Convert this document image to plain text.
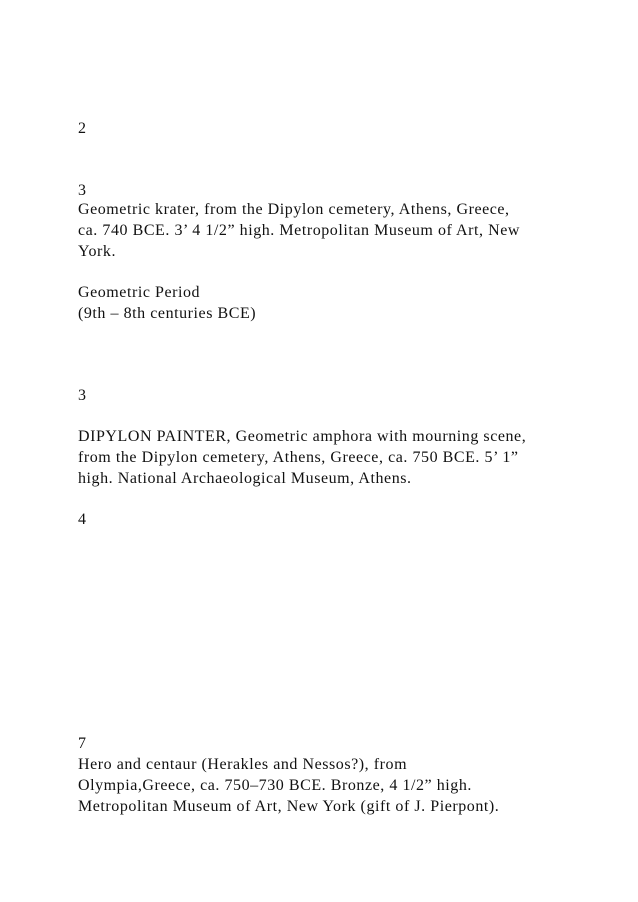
2

3

Geometric krater, from the Dipylon cemetery, Athens, Greece,

ca. 740 BCE. 3’ 4 1/2” high. Metropolitan Museum of Art, New

York.

Geometric Period

(9th – 8th centuries BCE)

3

DIPYLON PAINTER, Geometric amphora with mourning scene,

from the Dipylon cemetery, Athens, Greece, ca. 750 BCE. 5’ 1”

high. National Archaeological Museum, Athens.

4

7

Hero and centaur (Herakles and Nessos?), from

Olympia,Greece, ca. 750–730 BCE. Bronze, 4 1/2” high.

Metropolitan Museum of Art, New York (gift of J. Pierpont).
